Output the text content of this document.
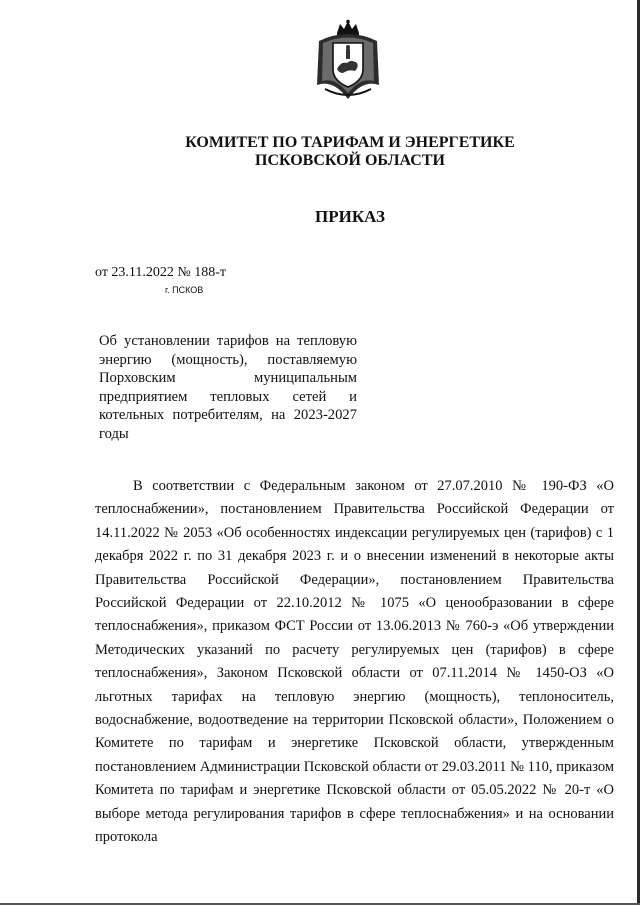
КОМИТЕТ ПО ТАРИФАМ И ЭНЕРГЕТИКЕ
ПСКОВСКОЙ ОБЛАСТИ
ПРИКАЗ
от 23.11.2022 № 188-т
г. ПСКОВ
Об установлении тарифов на тепловую энергию (мощность), поставляемую Порховским муниципальным предприятием тепловых сетей и котельных потребителям, на 2023-2027 годы
В соответствии с Федеральным законом от 27.07.2010 № 190-ФЗ «О теплоснабжении», постановлением Правительства Российской Федерации от 14.11.2022 № 2053 «Об особенностях индексации регулируемых цен (тарифов) с 1 декабря 2022 г. по 31 декабря 2023 г. и о внесении изменений в некоторые акты Правительства Российской Федерации», постановлением Правительства Российской Федерации от 22.10.2012 № 1075 «О ценообразовании в сфере теплоснабжения», приказом ФСТ России от 13.06.2013 № 760-э «Об утверждении Методических указаний по расчету регулируемых цен (тарифов) в сфере теплоснабжения», Законом Псковской области от 07.11.2014 № 1450-ОЗ «О льготных тарифах на тепловую энергию (мощность), теплоноситель, водоснабжение, водоотведение на территории Псковской области», Положением о Комитете по тарифам и энергетике Псковской области, утвержденным постановлением Администрации Псковской области от 29.03.2011 № 110, приказом Комитета по тарифам и энергетике Псковской области от 05.05.2022 № 20-т «О выборе метода регулирования тарифов в сфере теплоснабжения» и на основании протокола
